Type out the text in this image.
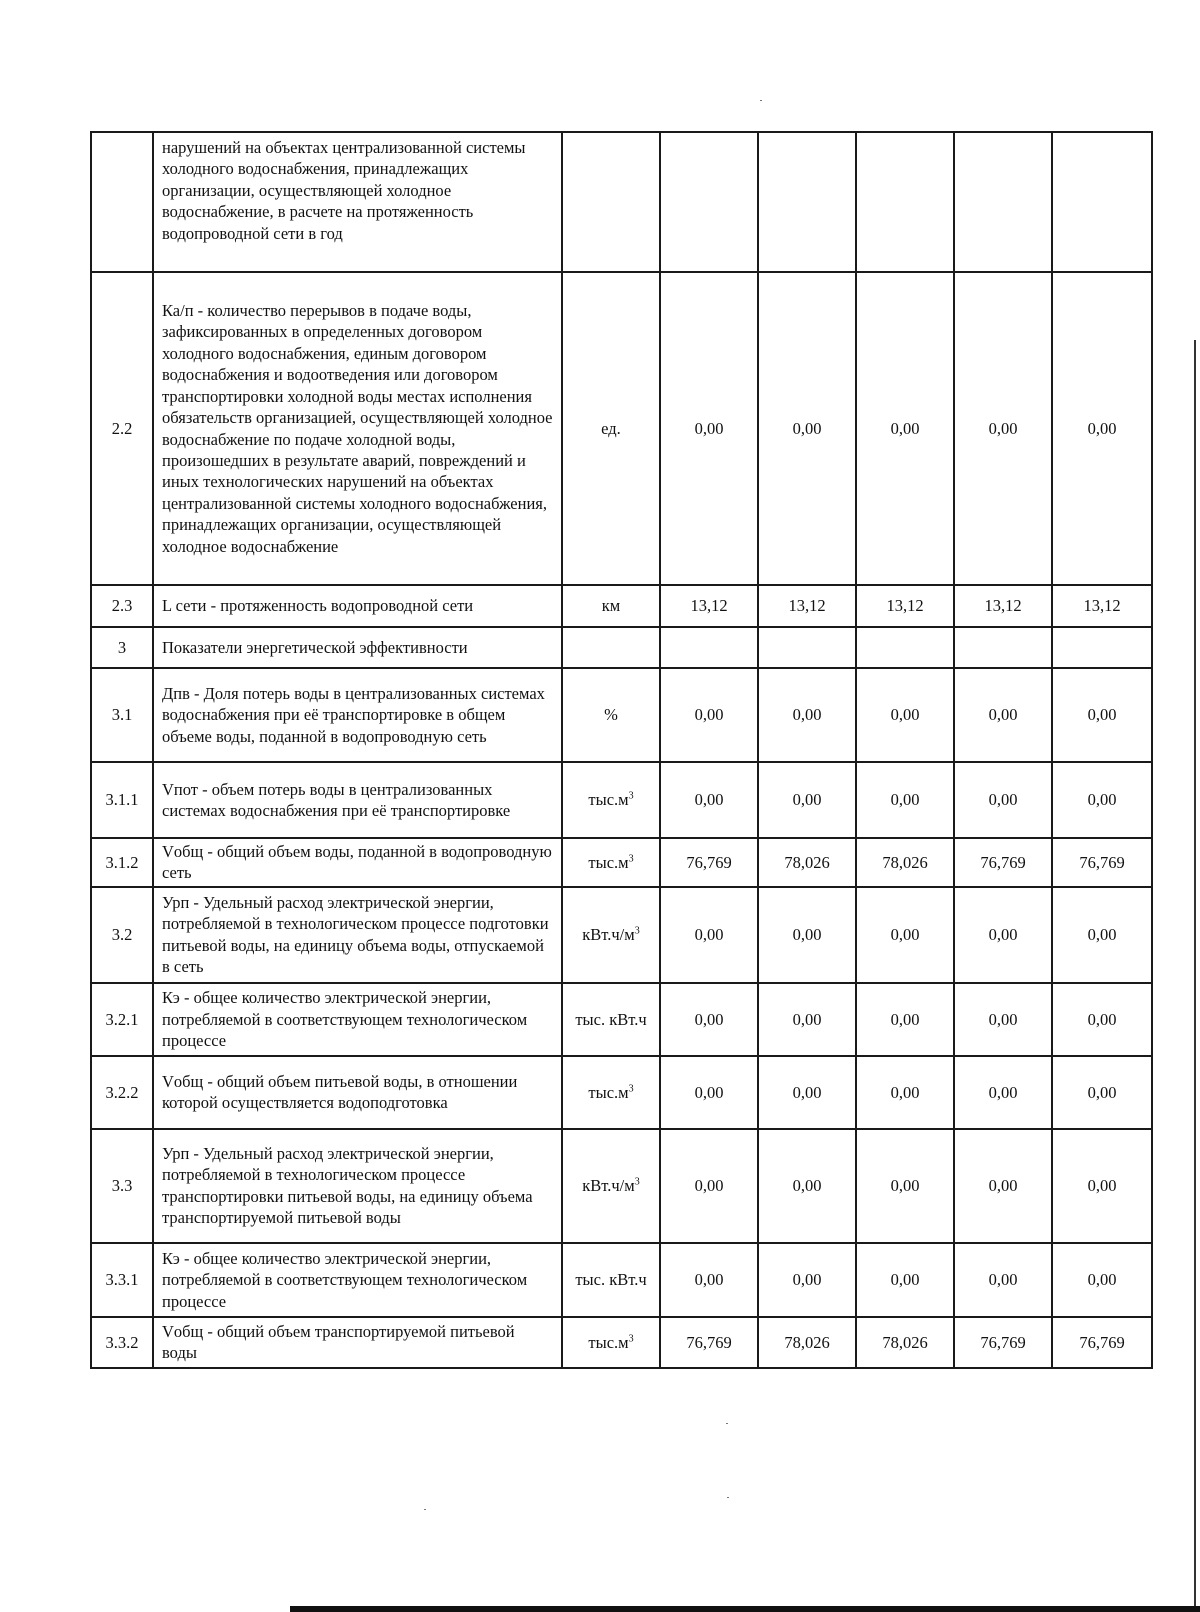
	нарушений на объектах централизованной системы холодного водоснабжения, принадлежащих организации, осуществляющей холодное водоснабжение, в расчете на протяженность водопроводной сети в год						
2.2	Ка/п - количество перерывов в подаче воды, зафиксированных в определенных договором холодного водоснабжения, единым договором водоснабжения и водоотведения или договором транспортировки холодной воды местах исполнения обязательств организацией, осуществляющей холодное водоснабжение по подаче холодной воды, произошедших в результате аварий, повреждений и иных технологических нарушений на объектах централизованной системы холодного водоснабжения, принадлежащих организации, осуществляющей холодное водоснабжение	ед.	0,00	0,00	0,00	0,00	0,00
2.3	L сети - протяженность водопроводной сети	км	13,12	13,12	13,12	13,12	13,12
3	Показатели энергетической эффективности						
3.1	Дпв - Доля потерь воды в централизованных системах водоснабжения при её транспортировке в общем объеме воды, поданной в водопроводную сеть	%	0,00	0,00	0,00	0,00	0,00
3.1.1	Vпот - объем потерь воды в централизованных системах водоснабжения при её транспортировке	$тыс.м^3$	0,00	0,00	0,00	0,00	0,00
3.1.2	Vобщ - общий объем воды, поданной в водопроводную сеть	$тыс.м^3$	76,769	78,026	78,026	76,769	76,769
3.2	Урп - Удельный расход электрической энергии, потребляемой в технологическом процессе подготовки питьевой воды, на единицу объема воды, отпускаемой в сеть	$кВт.ч/м^3$	0,00	0,00	0,00	0,00	0,00
3.2.1	Кэ - общее количество электрической энергии, потребляемой в соответствующем технологическом процессе	тыс. кВт.ч	0,00	0,00	0,00	0,00	0,00
3.2.2	Vобщ - общий объем питьевой воды, в отношении которой осуществляется водоподготовка	$тыс.м^3$	0,00	0,00	0,00	0,00	0,00
3.3	Урп - Удельный расход электрической энергии, потребляемой в технологическом процессе транспортировки питьевой воды, на единицу объема транспортируемой питьевой воды	$кВт.ч/м^3$	0,00	0,00	0,00	0,00	0,00
3.3.1	Кэ - общее количество электрической энергии, потребляемой в соответствующем технологическом процессе	тыс. кВт.ч	0,00	0,00	0,00	0,00	0,00
3.3.2	Vобщ - общий объем транспортируемой питьевой воды	$тыс.м^3$	76,769	78,026	78,026	76,769	76,769
